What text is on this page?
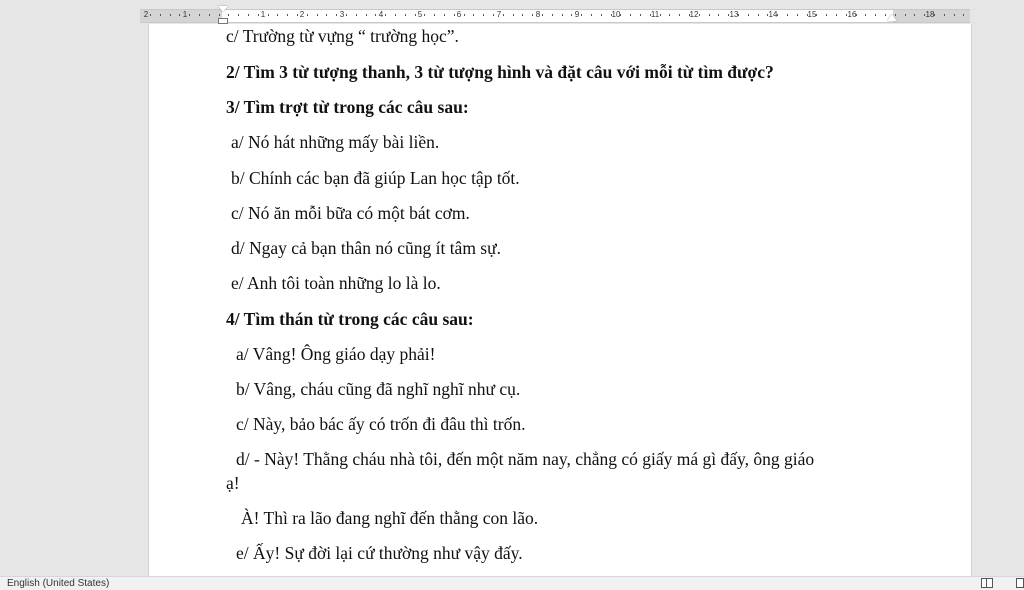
2	1	1	2	3	4	5	6	7	8	9	10	11	12	13	14	15	16	18
c/ Trường từ vựng “ trường học”.
2/ Tìm 3 từ tượng thanh, 3 từ tượng hình và đặt câu với mỗi từ tìm được?
3/ Tìm trợt từ trong các câu sau:
a/ Nó hát những mấy bài liền.
b/ Chính các bạn đã giúp Lan học tập tốt.
c/ Nó ăn mỗi bữa có một bát cơm.
d/ Ngay cả bạn thân nó cũng ít tâm sự.
e/ Anh tôi toàn những lo là lo.
4/ Tìm thán từ trong các câu sau:
a/ Vâng! Ông giáo dạy phải!
b/ Vâng, cháu cũng đã nghĩ nghĩ như cụ.
c/ Này, bảo bác ấy có trốn đi đâu thì trốn.
d/ - Này! Thằng cháu nhà tôi, đến một năm nay, chẳng có giấy má gì đấy, ông giáo
ạ!
À! Thì ra lão đang nghĩ đến thằng con lão.
e/ Ấy! Sự đời lại cứ thường như vậy đấy.
English (United States)
